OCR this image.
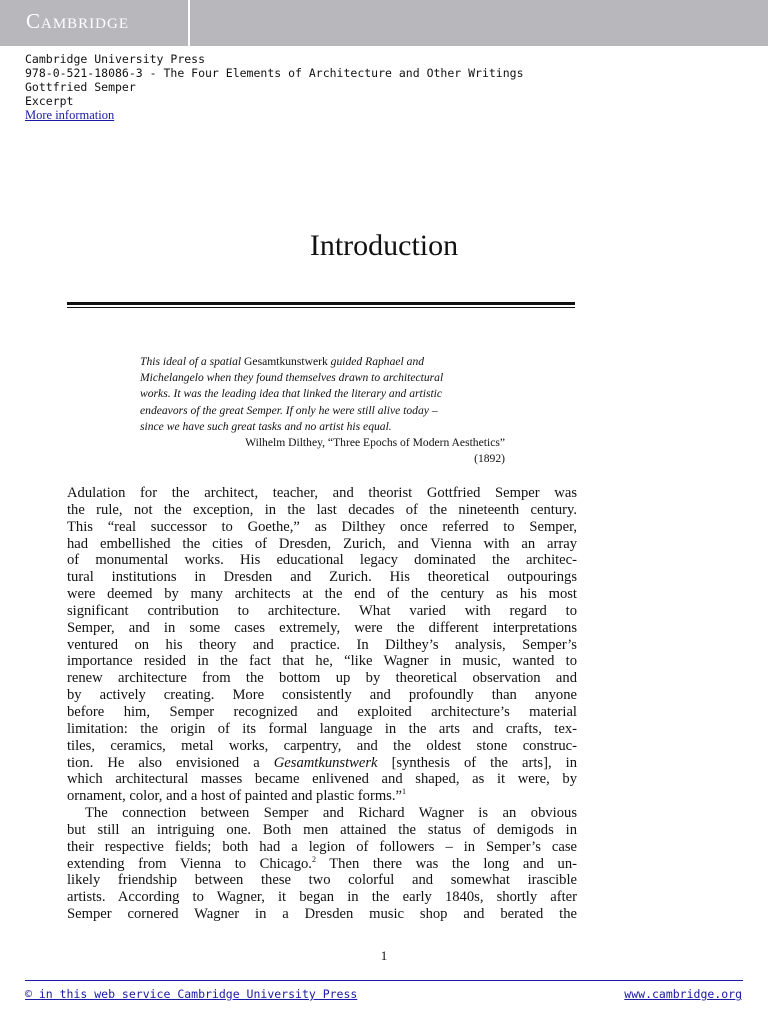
Cambridge
Cambridge University Press
978-0-521-18086-3 - The Four Elements of Architecture and Other Writings
Gottfried Semper
Excerpt
More information
Introduction
This ideal of a spatial Gesamtkunstwerk guided Raphael and
Michelangelo when they found themselves drawn to architectural
works. It was the leading idea that linked the literary and artistic
endeavors of the great Semper. If only he were still alive today –
since we have such great tasks and no artist his equal.
Wilhelm Dilthey, “Three Epochs of Modern Aesthetics”
(1892)
Adulation for the architect, teacher, and theorist Gottfried Semper was
the rule, not the exception, in the last decades of the nineteenth century.
This “real successor to Goethe,” as Dilthey once referred to Semper,
had embellished the cities of Dresden, Zurich, and Vienna with an array
of monumental works. His educational legacy dominated the architec-
tural institutions in Dresden and Zurich. His theoretical outpourings
were deemed by many architects at the end of the century as his most
significant contribution to architecture. What varied with regard to
Semper, and in some cases extremely, were the different interpretations
ventured on his theory and practice. In Dilthey’s analysis, Semper’s
importance resided in the fact that he, “like Wagner in music, wanted to
renew architecture from the bottom up by theoretical observation and
by actively creating. More consistently and profoundly than anyone
before him, Semper recognized and exploited architecture’s material
limitation: the origin of its formal language in the arts and crafts, tex-
tiles, ceramics, metal works, carpentry, and the oldest stone construc-
tion. He also envisioned a Gesamtkunstwerk [synthesis of the arts], in
which architectural masses became enlivened and shaped, as it were, by
ornament, color, and a host of painted and plastic forms.”$^1$
The connection between Semper and Richard Wagner is an obvious
but still an intriguing one. Both men attained the status of demigods in
their respective fields; both had a legion of followers – in Semper’s case
extending from Vienna to Chicago.$^2$ Then there was the long and un-
likely friendship between these two colorful and somewhat irascible
artists. According to Wagner, it began in the early 1840s, shortly after
Semper cornered Wagner in a Dresden music shop and berated the
1
© in this web service Cambridge University Press	www.cambridge.org
